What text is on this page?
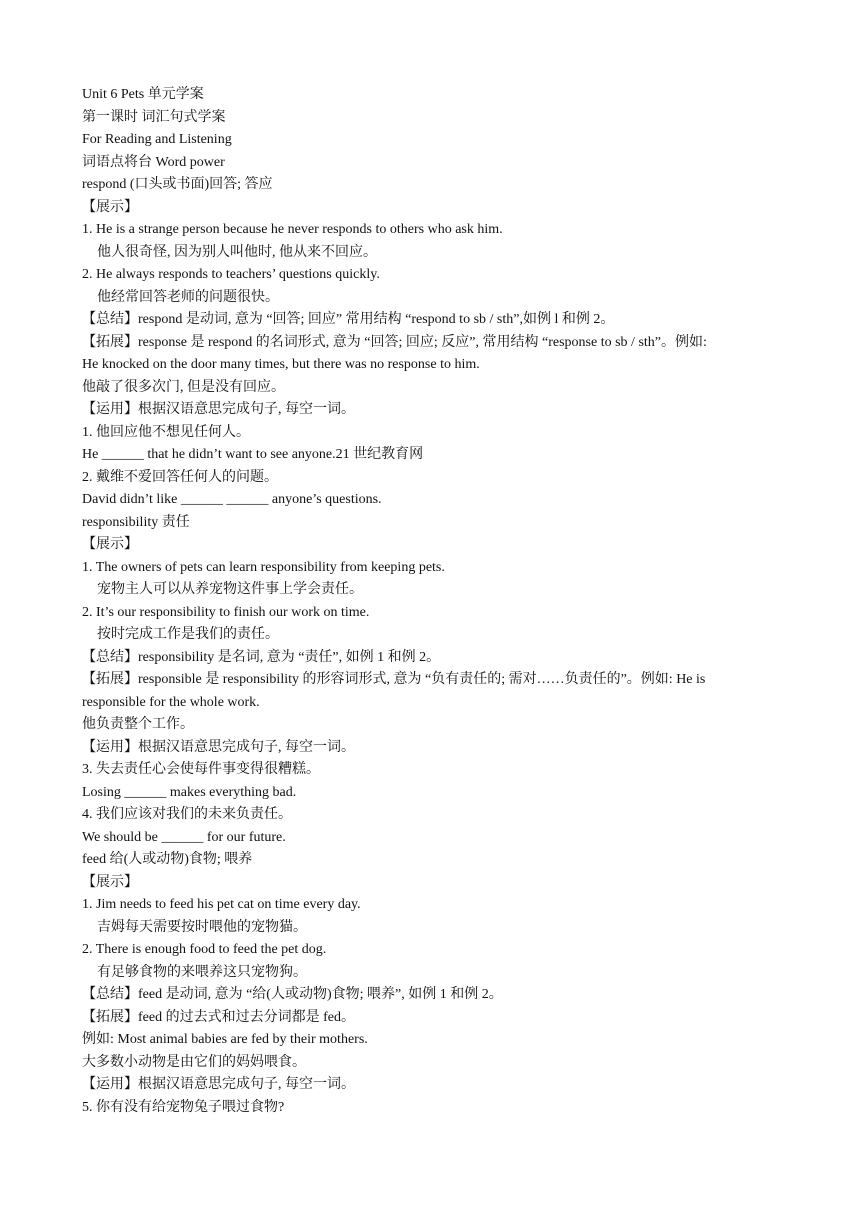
Unit 6 Pets 单元学案
第一课时 词汇句式学案
For Reading and Listening
词语点将台 Word power
respond (口头或书面)回答; 答应
【展示】
1. He is a strange person because he never responds to others who ask him.
他人很奇怪, 因为别人叫他时, 他从来不回应。
2. He always responds to teachers’ questions quickly.
他经常回答老师的问题很快。
【总结】respond 是动词, 意为 “回答; 回应” 常用结构 “respond to sb / sth”,如例 l 和例 2。
【拓展】response 是 respond 的名词形式, 意为 “回答; 回应; 反应”, 常用结构 “response to sb / sth”。例如:
He knocked on the door many times, but there was no response to him.
他敲了很多次门, 但是没有回应。
【运用】根据汉语意思完成句子, 每空一词。
1. 他回应他不想见任何人。
He ______ that he didn’t want to see anyone.21 世纪教育网
2. 戴维不爱回答任何人的问题。
David didn’t like ______ ______ anyone’s questions.
responsibility 责任
【展示】
1. The owners of pets can learn responsibility from keeping pets.
宠物主人可以从养宠物这件事上学会责任。
2. It’s our responsibility to finish our work on time.
按时完成工作是我们的责任。
【总结】responsibility 是名词, 意为 “责任”, 如例 1 和例 2。
【拓展】responsible 是 responsibility 的形容词形式, 意为 “负有责任的; 需对……负责任的”。例如: He is
responsible for the whole work.
他负责整个工作。
【运用】根据汉语意思完成句子, 每空一词。
3. 失去责任心会使每件事变得很糟糕。
Losing ______ makes everything bad.
4. 我们应该对我们的未来负责任。
We should be ______ for our future.
feed 给(人或动物)食物; 喂养
【展示】
1. Jim needs to feed his pet cat on time every day.
吉姆每天需要按时喂他的宠物猫。
2. There is enough food to feed the pet dog.
有足够食物的来喂养这只宠物狗。
【总结】feed 是动词, 意为 “给(人或动物)食物; 喂养”, 如例 1 和例 2。
【拓展】feed 的过去式和过去分词都是 fed。
例如: Most animal babies are fed by their mothers.
大多数小动物是由它们的妈妈喂食。
【运用】根据汉语意思完成句子, 每空一词。
5. 你有没有给宠物兔子喂过食物?
